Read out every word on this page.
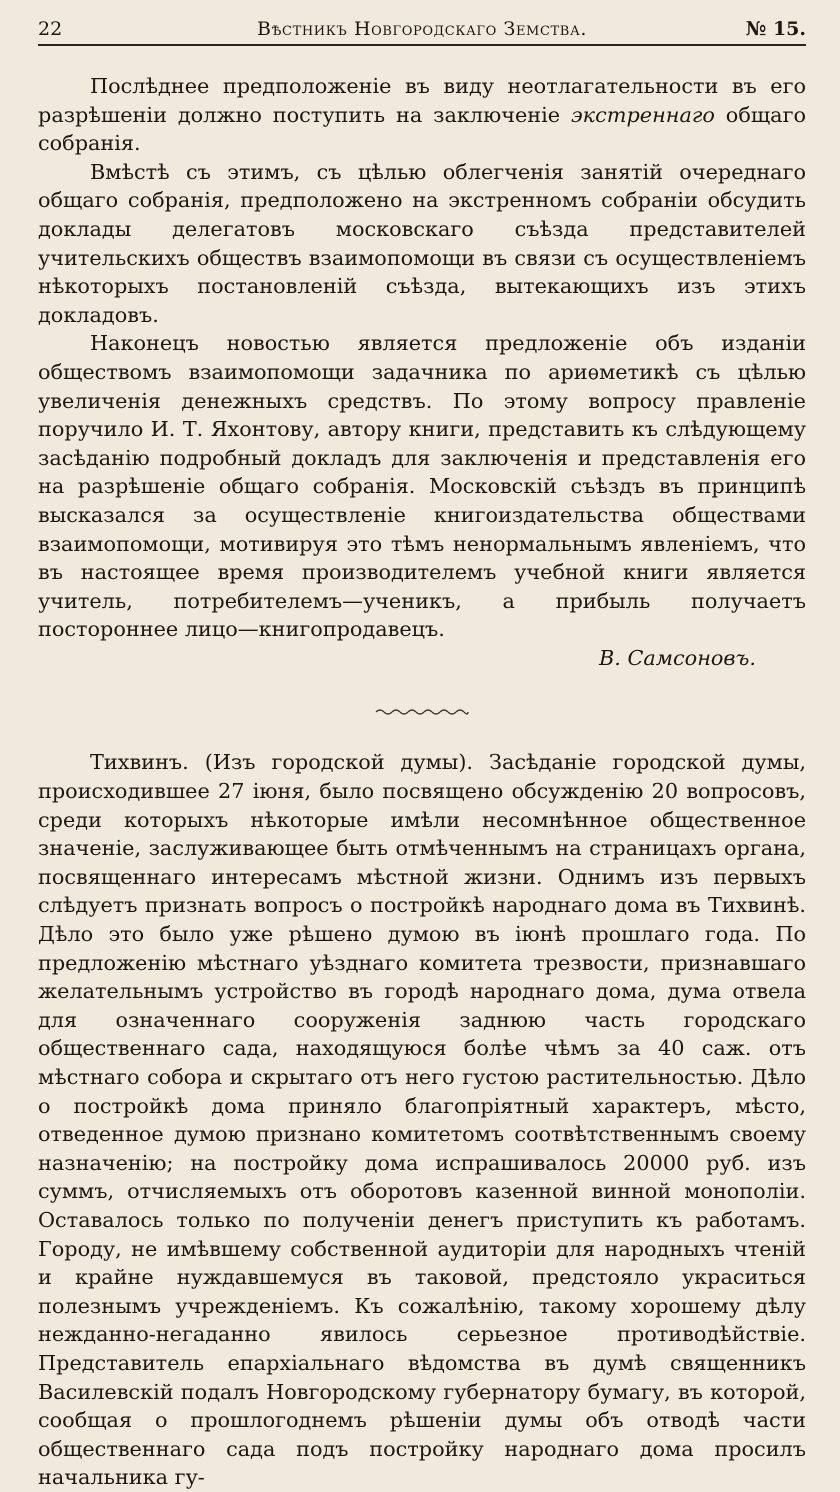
22	Вѣстникъ Новгородскаго Земства.	№ 15.

Послѣднее предположеніе въ виду неотлагательности въ его разрѣшеніи должно поступить на заключеніе экстреннаго общаго собранія.

Вмѣстѣ съ этимъ, съ цѣлью облегченія занятій очереднаго общаго собранія, предположено на экстренномъ собраніи обсудить доклады делегатовъ московскаго съѣзда представителей учительскихъ обществъ взаимопомощи въ связи съ осуществленіемъ нѣкоторыхъ постановленій съѣзда, вытекающихъ изъ этихъ докладовъ.

Наконецъ новостью является предложеніе объ изданіи обществомъ взаимопомощи задачника по ариѳметикѣ съ цѣлью увеличенія денежныхъ средствъ. По этому вопросу правленіе поручило И. Т. Яхонтову, автору книги, представить къ слѣдующему засѣданію подробный докладъ для заключенія и представленія его на разрѣшеніе общаго собранія. Московскій съѣздъ въ принципѣ высказался за осуществленіе книгоиздательства обществами взаимопомощи, мотивируя это тѣмъ ненормальнымъ явленіемъ, что въ настоящее время производителемъ учебной книги является учитель, потребителемъ—ученикъ, а прибыль получаетъ постороннее лицо—книгопродавецъ.

В. Самсоновъ.

Тихвинъ. (Изъ городской думы). Засѣданіе городской думы, происходившее 27 іюня, было посвящено обсужденію 20 вопросовъ, среди которыхъ нѣкоторые имѣли несомнѣнное общественное значеніе, заслуживающее быть отмѣченнымъ на страницахъ органа, посвященнаго интересамъ мѣстной жизни. Однимъ изъ первыхъ слѣдуетъ признать вопросъ о постройкѣ народнаго дома въ Тихвинѣ. Дѣло это было уже рѣшено думою въ іюнѣ прошлаго года. По предложенію мѣстнаго уѣзднаго комитета трезвости, признавшаго желательнымъ устройство въ городѣ народнаго дома, дума отвела для означеннаго сооруженія заднюю часть городскаго общественнаго сада, находящуюся болѣе чѣмъ за 40 саж. отъ мѣстнаго собора и скрытаго отъ него густою растительностью. Дѣло о постройкѣ дома приняло благопріятный характеръ, мѣсто, отведенное думою признано комитетомъ соотвѣтственнымъ своему назначенію; на постройку дома испрашивалось 20000 руб. изъ суммъ, отчисляемыхъ отъ оборотовъ казенной винной монополіи. Оставалось только по полученіи денегъ приступить къ работамъ. Городу, не имѣвшему собственной аудиторіи для народныхъ чтеній и крайне нуждавшемуся въ таковой, предстояло украситься полезнымъ учрежденіемъ. Къ сожалѣнію, такому хорошему дѣлу нежданно-негаданно явилось серьезное противодѣйствіе. Представитель епархіальнаго вѣдомства въ думѣ священникъ Василевскій подалъ Новгородскому губернатору бумагу, въ которой, сообщая о прошлогоднемъ рѣшеніи думы объ отводѣ части общественнаго сада подъ постройку народнаго дома просилъ начальника гу-
